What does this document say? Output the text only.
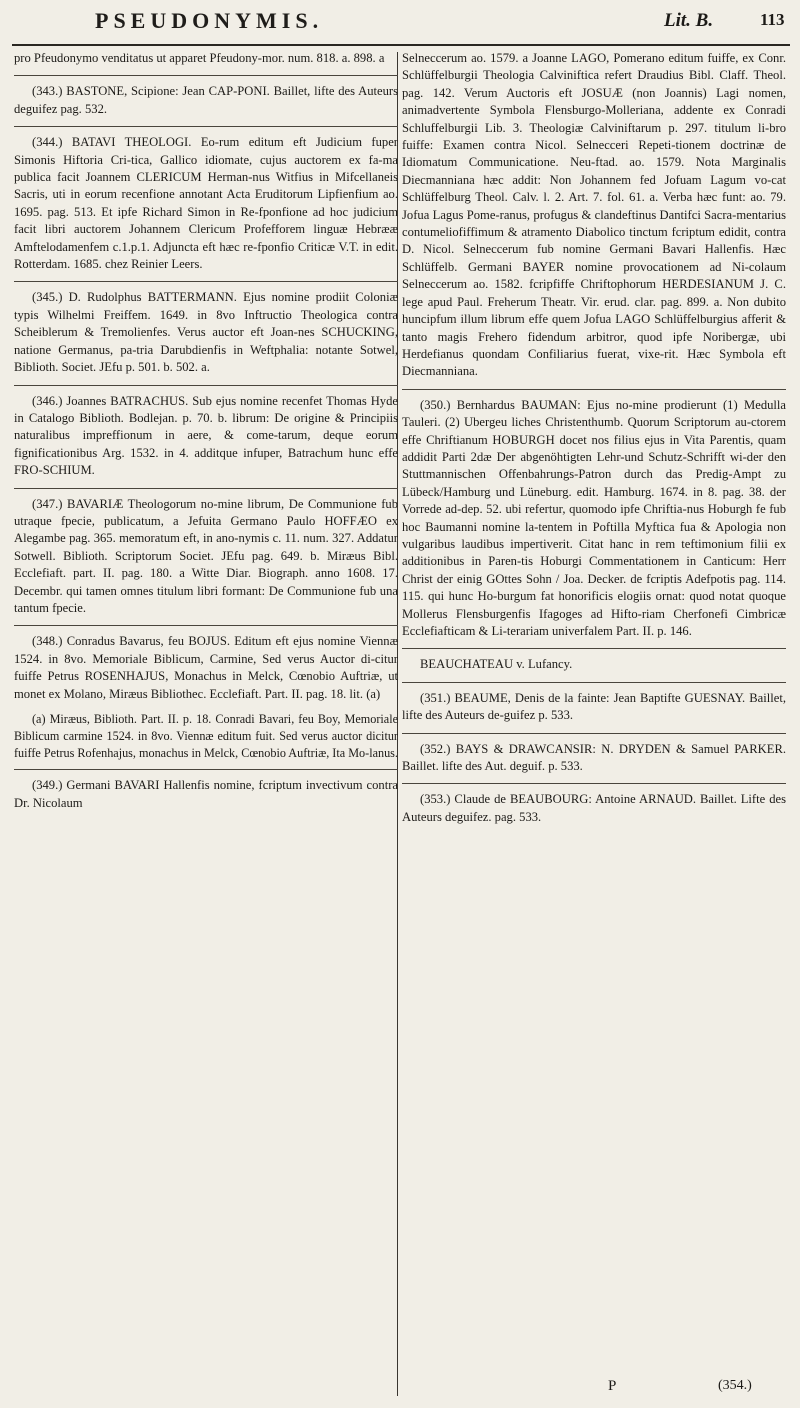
PSEUDONYMIS.	Lit. B.	113

pro Pfeudonymo venditatus ut apparet Pfeudony-mor. num. 818. a. 898. a

(343.) BASTONE, Scipione: Jean CAP-PONI. Baillet, lifte des Auteurs deguifez pag. 532.

(344.) BATAVI THEOLOGI. Eo-rum editum eft Judicium fuper Simonis Hiftoria Cri-tica, Gallico idiomate, cujus auctorem ex fa-ma publica facit Joannem CLERICUM Herman-nus Witfius in Mifcellaneis Sacris, uti in eorum recenfione annotant Acta Eruditorum Lipfienfium ao. 1695. pag. 513. Et ipfe Richard Simon in Re-fponfione ad hoc judicium facit libri auctorem Johannem Clericum Profefforem linguæ Hebrææ Amftelodamenfem c.1.p.1. Adjuncta eft hæc re-fponfio Criticæ V.T. in edit. Rotterdam. 1685. chez Reinier Leers.

(345.) D. Rudolphus BATTERMANN. Ejus nomine prodiit Coloniæ typis Wilhelmi Freiffem. 1649. in 8vo Inftructio Theologica contra Scheiblerum & Tremolienfes. Verus auctor eft Joan-nes SCHUCKING, natione Germanus, pa-tria Darubdienfis in Weftphalia: notante Sotwel, Biblioth. Societ. JEfu p. 501. b. 502. a.

(346.) Joannes BATRACHUS. Sub ejus nomine recenfet Thomas Hyde in Catalogo Biblioth. Bodlejan. p. 70. b. librum: De origine & Principiis naturalibus impreffionum in aere, & come-tarum, deque eorum fignificationibus Arg. 1532. in 4. additque infuper, Batrachum hunc effe FRO-SCHIUM.

(347.) BAVARIÆ Theologorum no-mine librum, De Communione fub utraque fpecie, publicatum, a Jefuita Germano Paulo HOFFÆO ex Alegambe pag. 365. memoratum eft, in ano-nymis c. 11. num. 327. Addatur Sotwell. Biblioth. Scriptorum Societ. JEfu pag. 649. b. Miræus Bibl. Ecclefiaft. part. II. pag. 180. a Witte Diar. Biograph. anno 1608. 17. Decembr. qui tamen omnes titulum libri formant: De Communione fub una tantum fpecie.

(348.) Conradus Bavarus, feu BOJUS. Editum eft ejus nomine Viennæ 1524. in 8vo. Memoriale Biblicum, Carmine, Sed verus Auctor di-citur fuiffe Petrus ROSENHAJUS, Monachus in Melck, Cœnobio Auftriæ, ut monet ex Molano, Miræus Bibliothec. Ecclefiaft. Part. II. pag. 18. lit. (a)

(a) Miræus, Biblioth. Part. II. p. 18. Conradi Bavari, feu Boy, Memoriale Biblicum carmine 1524. in 8vo. Viennæ editum fuit. Sed verus auctor dicitur fuiffe Petrus Rofenhajus, monachus in Melck, Cœnobio Auftriæ, Ita Mo-lanus.

(349.) Germani BAVARI Hallenfis nomine, fcriptum invectivum contra Dr. Nicolaum

Selneccerum ao. 1579. a Joanne LAGO, Pomerano editum fuiffe, ex Conr. Schlüffelburgii Theologia Calviniftica refert Draudius Bibl. Claff. Theol. pag. 142. Verum Auctoris eft JOSUÆ (non Joannis) Lagi nomen, animadvertente Symbola Flensburgo-Molleriana, addente ex Conradi Schluffelburgii Lib. 3. Theologiæ Calviniftarum p. 297. titulum li-bro fuiffe: Examen contra Nicol. Selnecceri Repeti-tionem doctrinæ de Idiomatum Communicatione. Neu-ftad. ao. 1579. Nota Marginalis Diecmanniana hæc addit: Non Johannem fed Jofuam Lagum vo-cat Schlüffelburg Theol. Calv. l. 2. Art. 7. fol. 61. a. Verba hæc funt: ao. 79. Jofua Lagus Pome-ranus, profugus & clandeftinus Dantifci Sacra-mentarius contumeliofiffimum & atramento Diabolico tinctum fcriptum edidit, contra D. Nicol. Selneccerum fub nomine Germani Bavari Hallenfis. Hæc Schlüffelb. Germani BAYER nomine provocationem ad Ni-colaum Selneccerum ao. 1582. fcripfiffe Chriftophorum HERDESIANUM J. C. lege apud Paul. Freherum Theatr. Vir. erud. clar. pag. 899. a. Non dubito huncipfum illum librum effe quem Jofua LAGO Schlüffelburgius afferit & tanto magis Frehero fidendum arbitror, quod ipfe Noribergæ, ubi Herdefianus quondam Confiliarius fuerat, vixe-rit. Hæc Symbola eft Diecmanniana.

(350.) Bernhardus BAUMAN: Ejus no-mine prodierunt (1) Medulla Tauleri. (2) Ubergeu liches Christenthumb. Quorum Scriptorum au-ctorem effe Chriftianum HOBURGH docet nos filius ejus in Vita Parentis, quam addidit Parti 2dæ Der abgenöhtigten Lehr-und Schutz-Schrifft wi-der den Stuttmannischen Offenbahrungs-Patron durch das Predig-Ampt zu Lübeck/Hamburg und Lüneburg. edit. Hamburg. 1674. in 8. pag. 38. der Vorrede ad-dep. 52. ubi refertur, quomodo ipfe Chriftia-nus Hoburgh fe fub hoc Baumanni nomine la-tentem in Poftilla Myftica fua & Apologia non vulgaribus laudibus impertiverit. Citat hanc in rem teftimonium filii ex additionibus in Paren-tis Hoburgi Commentationem in Canticum: Herr Christ der einig GOttes Sohn / Joa. Decker. de fcriptis Adefpotis pag. 114. 115. qui hunc Ho-burgum fat honorificis elogiis ornat: quod notat quoque Mollerus Flensburgenfis Ifagoges ad Hifto-riam Cherfonefi Cimbricæ Ecclefiafticam & Li-terariam univerfalem Part. II. p. 146.

BEAUCHATEAU v. Lufancy.

(351.) BEAUME, Denis de la fainte: Jean Baptifte GUESNAY. Baillet, lifte des Auteurs de-guifez p. 533.

(352.) BAYS & DRAWCANSIR: N. DRYDEN & Samuel PARKER. Baillet. lifte des Aut. deguif. p. 533.

(353.) Claude de BEAUBOURG: Antoine ARNAUD. Baillet. Lifte des Auteurs deguifez. pag. 533.

P	(354.)
